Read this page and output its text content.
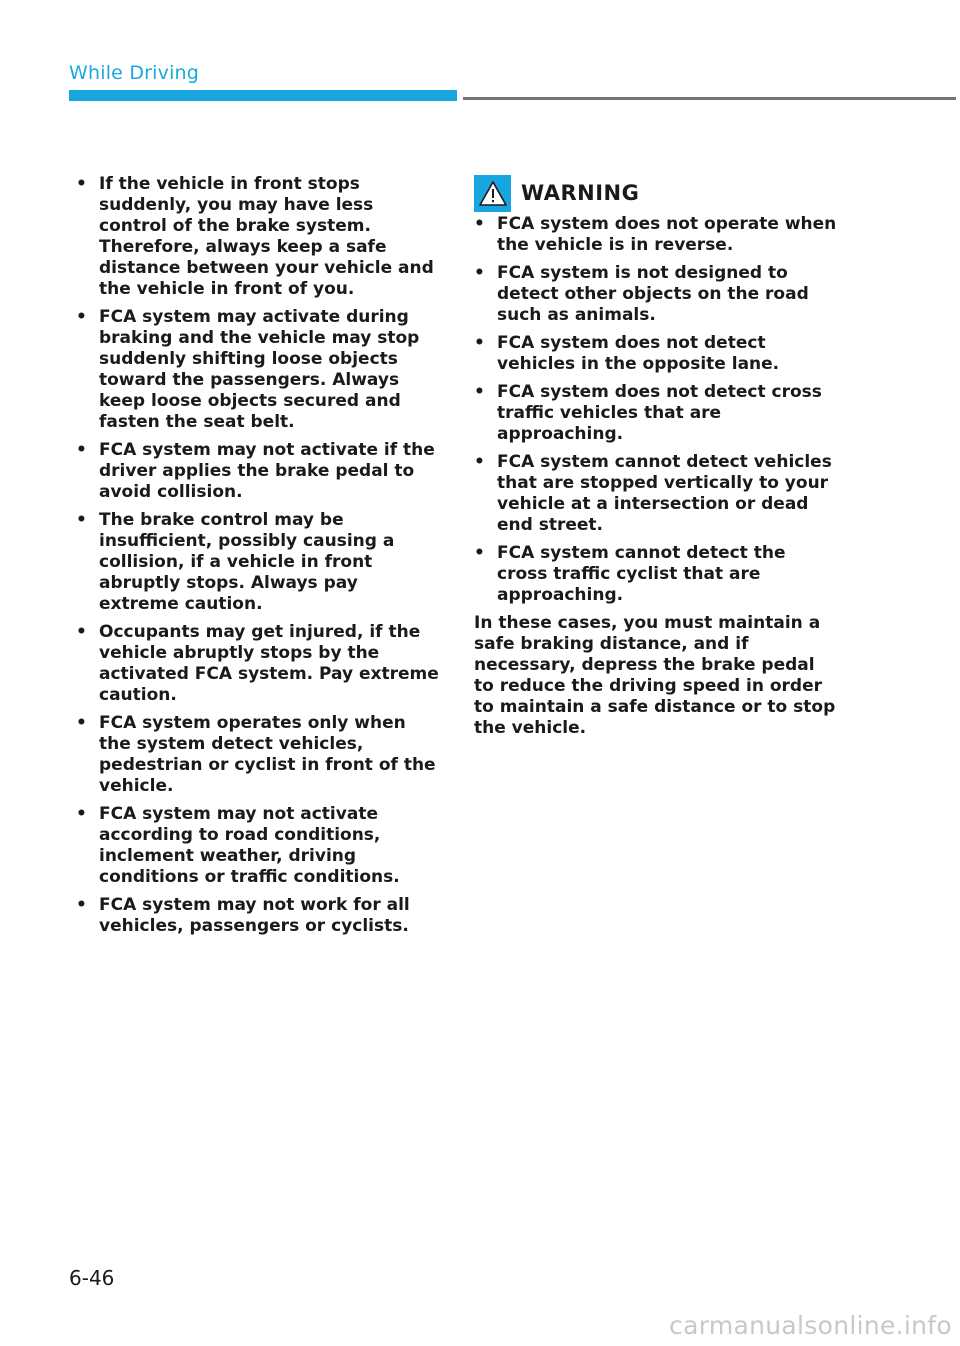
While Driving
• If the vehicle in front stops suddenly, you may have less control of the brake system. Therefore, always keep a safe distance between your vehicle and the vehicle in front of you.
• FCA system may activate during braking and the vehicle may stop suddenly shifting loose objects toward the passengers. Always keep loose objects secured and fasten the seat belt.
• FCA system may not activate if the driver applies the brake pedal to avoid collision.
• The brake control may be insufficient, possibly causing a collision, if a vehicle in front abruptly stops. Always pay extreme caution.
• Occupants may get injured, if the vehicle abruptly stops by the activated FCA system. Pay extreme caution.
• FCA system operates only when the system detect vehicles, pedestrian or cyclist in front of the vehicle.
• FCA system may not activate according to road conditions, inclement weather, driving conditions or traffic conditions.
• FCA system may not work for all vehicles, passengers or cyclists.
WARNING
• FCA system does not operate when the vehicle is in reverse.
• FCA system is not designed to detect other objects on the road such as animals.
• FCA system does not detect vehicles in the opposite lane.
• FCA system does not detect cross traffic vehicles that are approaching.
• FCA system cannot detect vehicles that are stopped vertically to your vehicle at a intersection or dead end street.
• FCA system cannot detect the cross traffic cyclist that are approaching.

In these cases, you must maintain a safe braking distance, and if necessary, depress the brake pedal to reduce the driving speed in order to maintain a safe distance or to stop the vehicle.

6-46
carmanualsonline.info
